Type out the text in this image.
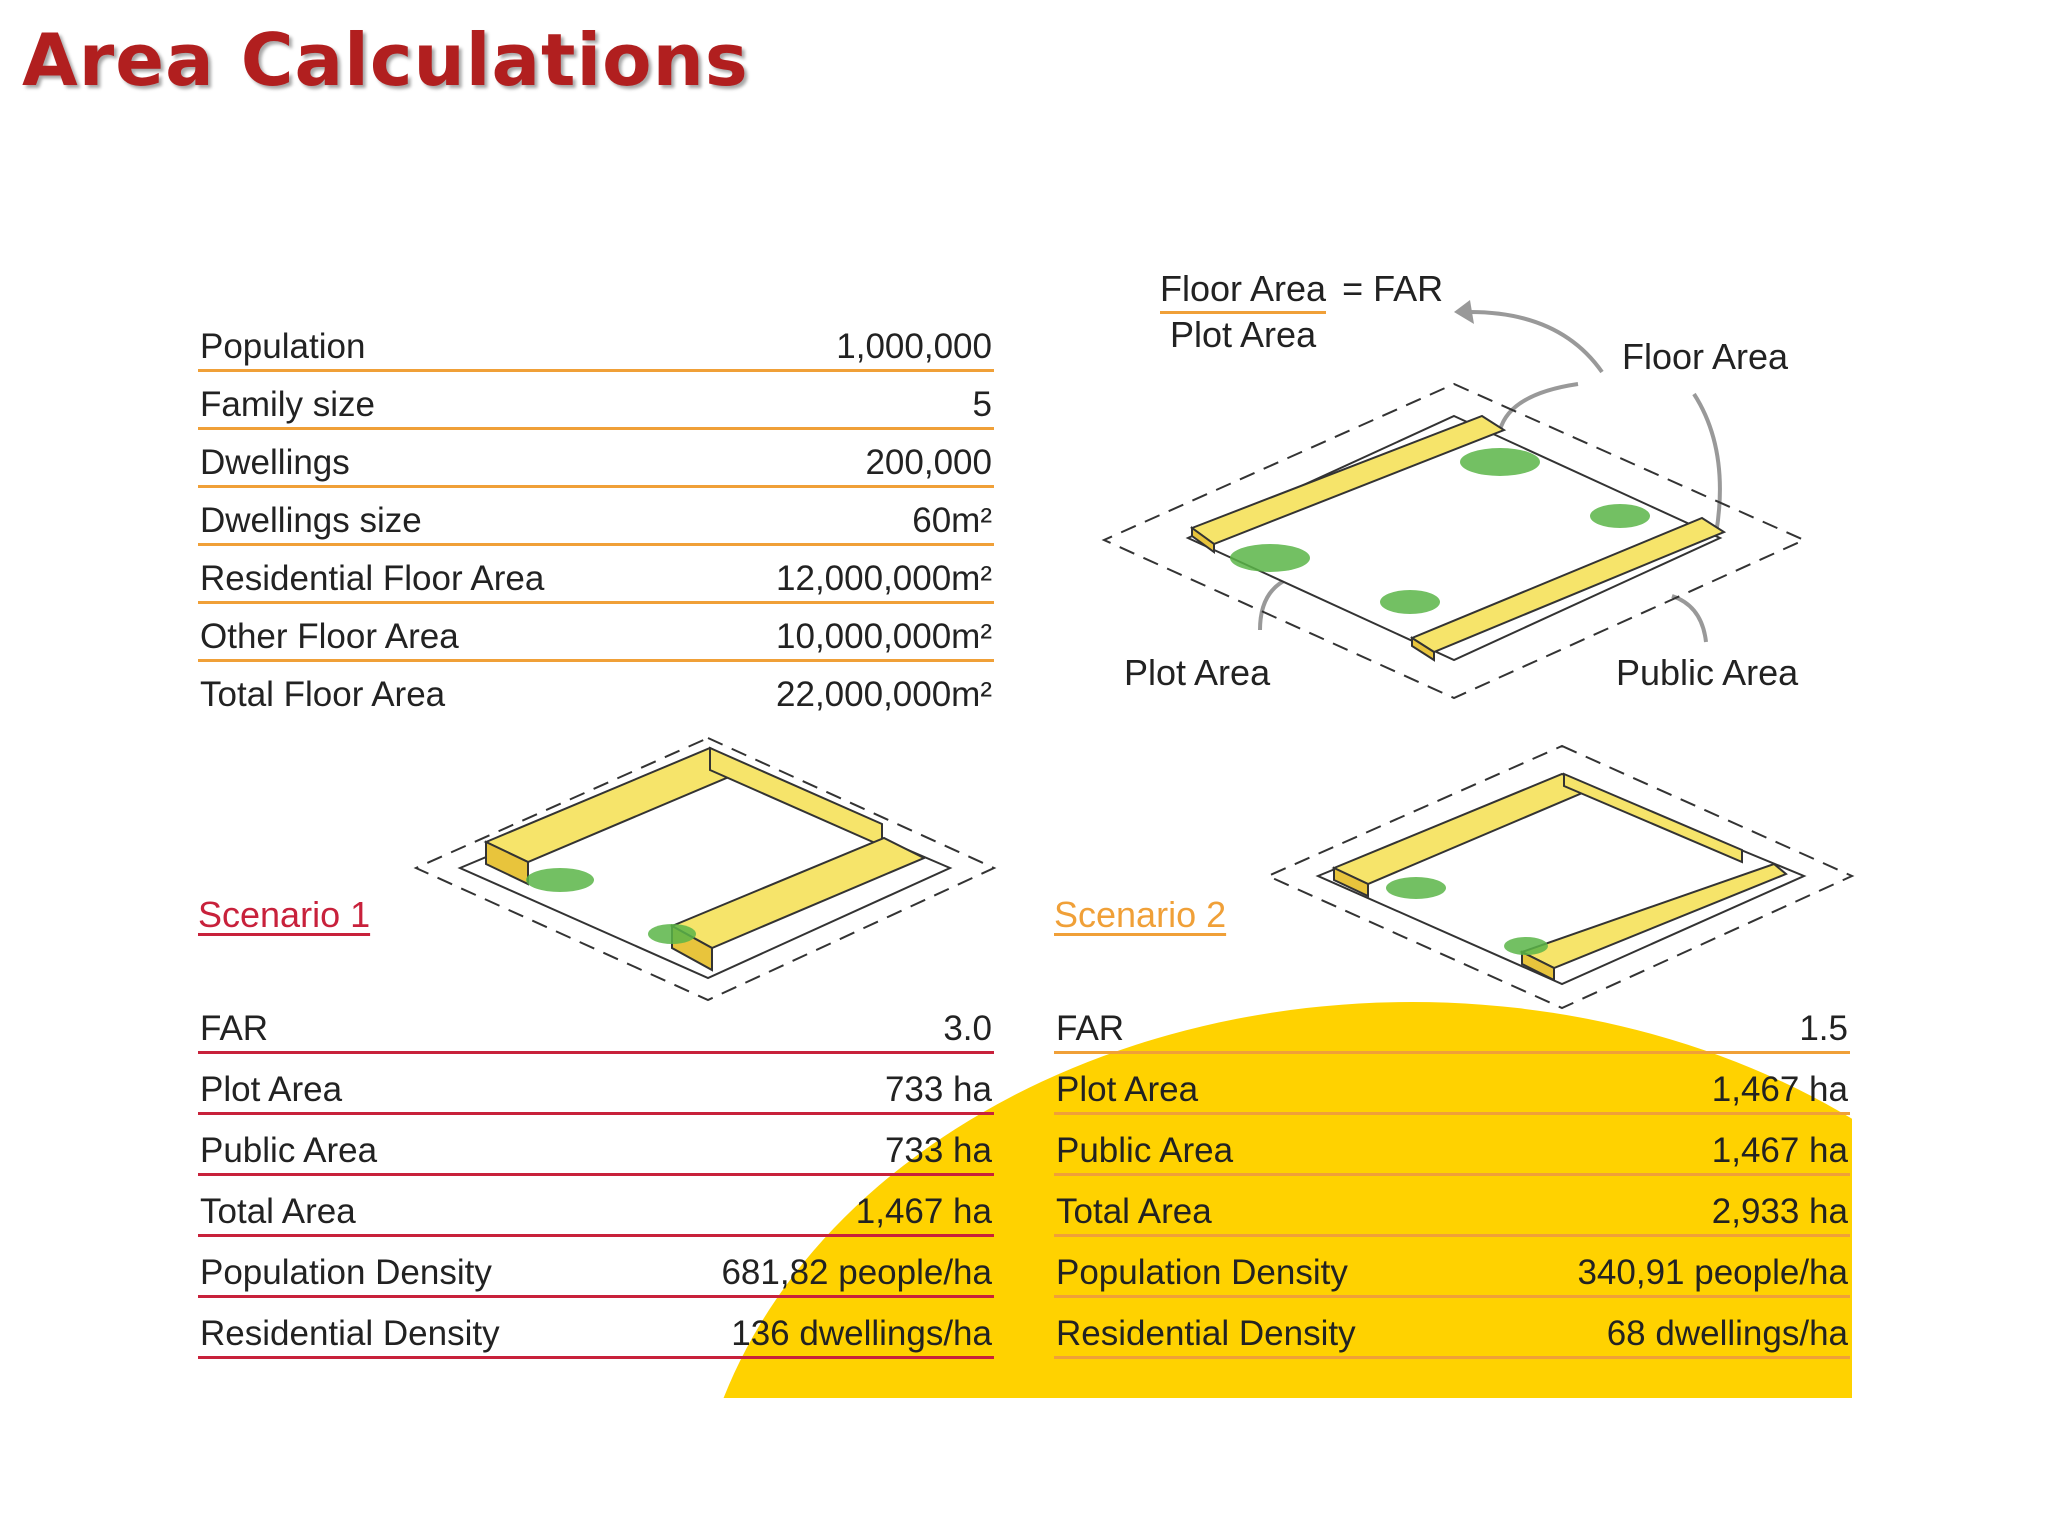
Area Calculations
Population	1,000,000
Family size	5
Dwellings	200,000
Dwellings size	60m²
Residential Floor Area	12,000,000m²
Other Floor Area	10,000,000m²
Total Floor Area	22,000,000m²
Floor Area = FAR
Plot Area
Floor Area
Plot Area	Public Area
Scenario 1	Scenario 2
FAR	3.0
Plot Area	733 ha
Public Area	733 ha
Total Area	1,467 ha
Population Density	681,82 people/ha
Residential Density	136 dwellings/ha
FAR	1.5
Plot Area	1,467 ha
Public Area	1,467 ha
Total Area	2,933 ha
Population Density	340,91 people/ha
Residential Density	68 dwellings/ha
